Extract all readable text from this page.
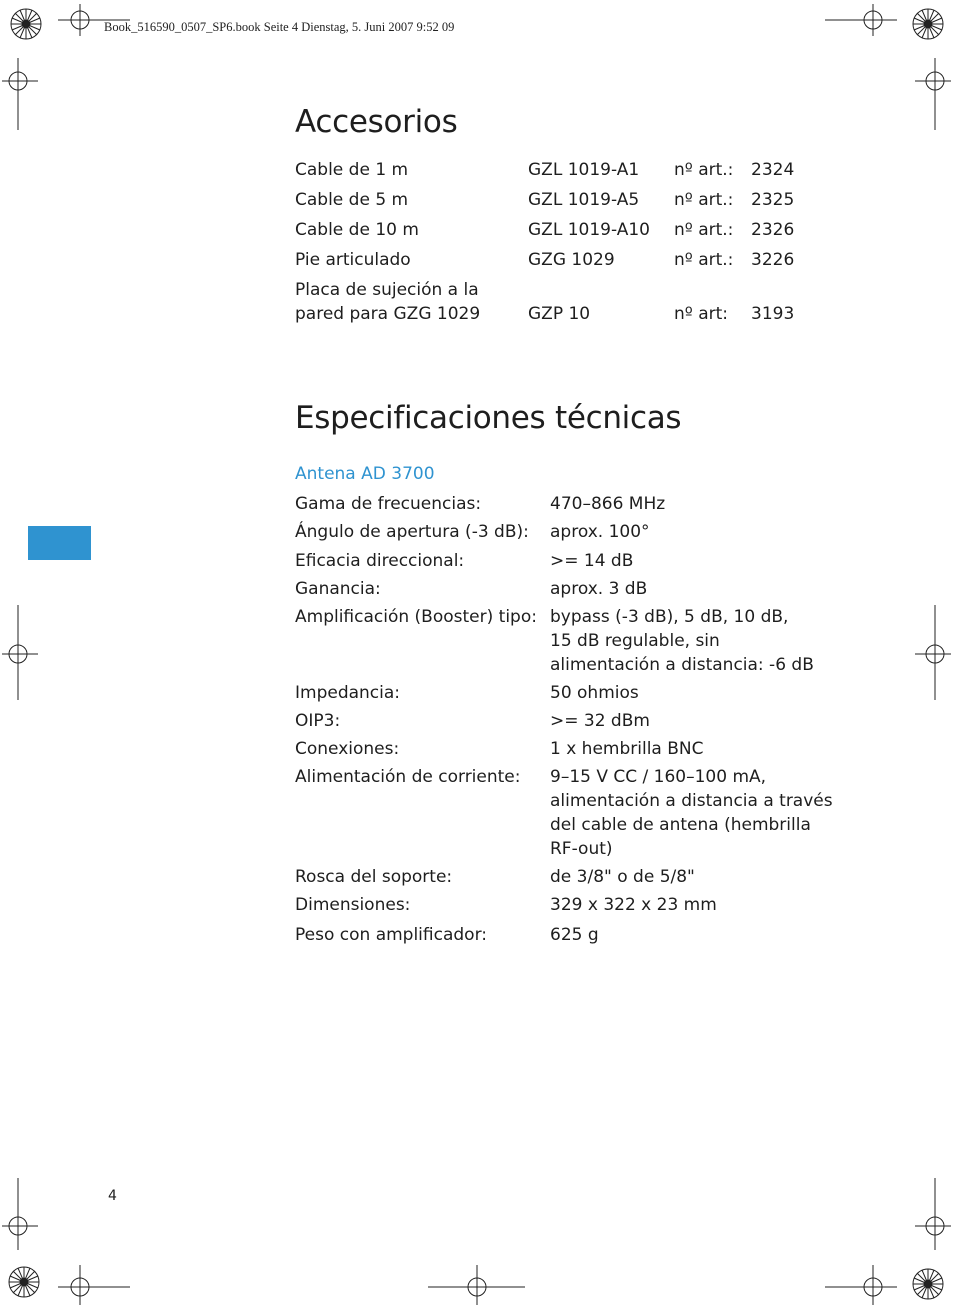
Book_516590_0507_SP6.book Seite 4 Dienstag, 5. Juni 2007 9:52 09
Accesorios
Cable de 1 m	GZL 1019-A1 nº art.: 2324
Cable de 5 m	GZL 1019-A5 nº art.: 2325
Cable de 10 m	GZL 1019-A10 nº art.: 2326
Pie articulado	GZG 1029	nº art.: 3226
Placa de sujeción a la
pared para GZG 1029	GZP 10	nº art: 3193
Especificaciones técnicas
Antena AD 3700
Gama de frecuencias:	470–866 MHz
Ángulo de apertura (-3 dB): aprox. 100°
Eficacia direccional:	>= 14 dB
Ganancia:	aprox. 3 dB
Amplificación (Booster) tipo: bypass (-3 dB), 5 dB, 10 dB,
15 dB regulable, sin
alimentación a distancia: -6 dB
Impedancia:	50 ohmios
OIP3:	>= 32 dBm
Conexiones:	1 x hembrilla BNC
Alimentación de corriente: 9–15 V CC / 160–100 mA,
alimentación a distancia a través
del cable de antena (hembrilla
RF-out)
Rosca del soporte:	de 3/8" o de 5/8"
Dimensiones:	329 x 322 x 23 mm
Peso con amplificador:	625 g
4
